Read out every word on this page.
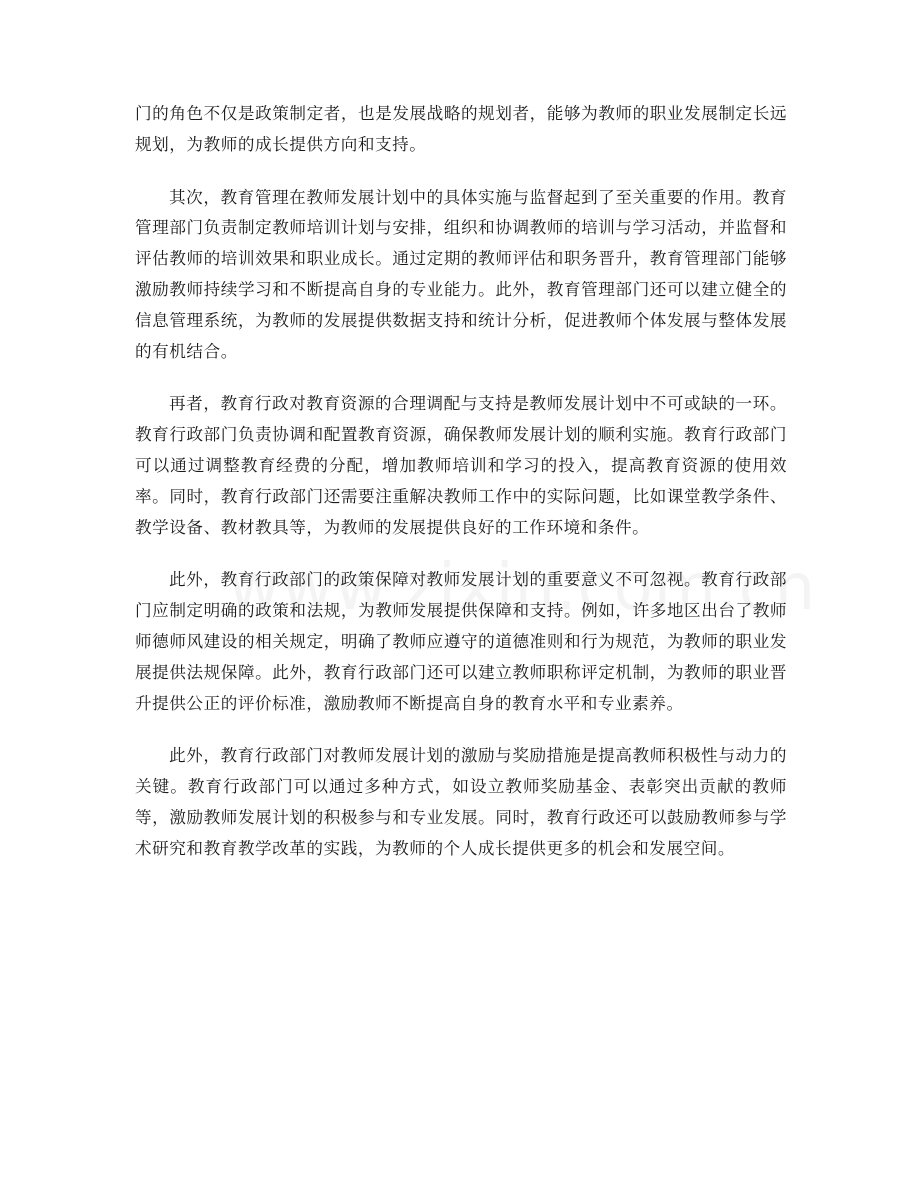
门的角色不仅是政策制定者，也是发展战略的规划者，能够为教师的职业发展制定长远规划，为教师的成长提供方向和支持。

其次，教育管理在教师发展计划中的具体实施与监督起到了至关重要的作用。教育管理部门负责制定教师培训计划与安排，组织和协调教师的培训与学习活动，并监督和评估教师的培训效果和职业成长。通过定期的教师评估和职务晋升，教育管理部门能够激励教师持续学习和不断提高自身的专业能力。此外，教育管理部门还可以建立健全的信息管理系统，为教师的发展提供数据支持和统计分析，促进教师个体发展与整体发展的有机结合。

再者，教育行政对教育资源的合理调配与支持是教师发展计划中不可或缺的一环。教育行政部门负责协调和配置教育资源，确保教师发展计划的顺利实施。教育行政部门可以通过调整教育经费的分配，增加教师培训和学习的投入，提高教育资源的使用效率。同时，教育行政部门还需要注重解决教师工作中的实际问题，比如课堂教学条件、教学设备、教材教具等，为教师的发展提供良好的工作环境和条件。

此外，教育行政部门的政策保障对教师发展计划的重要意义不可忽视。教育行政部门应制定明确的政策和法规，为教师发展提供保障和支持。例如，许多地区出台了教师师德师风建设的相关规定，明确了教师应遵守的道德准则和行为规范，为教师的职业发展提供法规保障。此外，教育行政部门还可以建立教师职称评定机制，为教师的职业晋升提供公正的评价标准，激励教师不断提高自身的教育水平和专业素养。

此外，教育行政部门对教师发展计划的激励与奖励措施是提高教师积极性与动力的关键。教育行政部门可以通过多种方式，如设立教师奖励基金、表彰突出贡献的教师等，激励教师发展计划的积极参与和专业发展。同时，教育行政还可以鼓励教师参与学术研究和教育教学改革的实践，为教师的个人成长提供更多的机会和发展空间。
